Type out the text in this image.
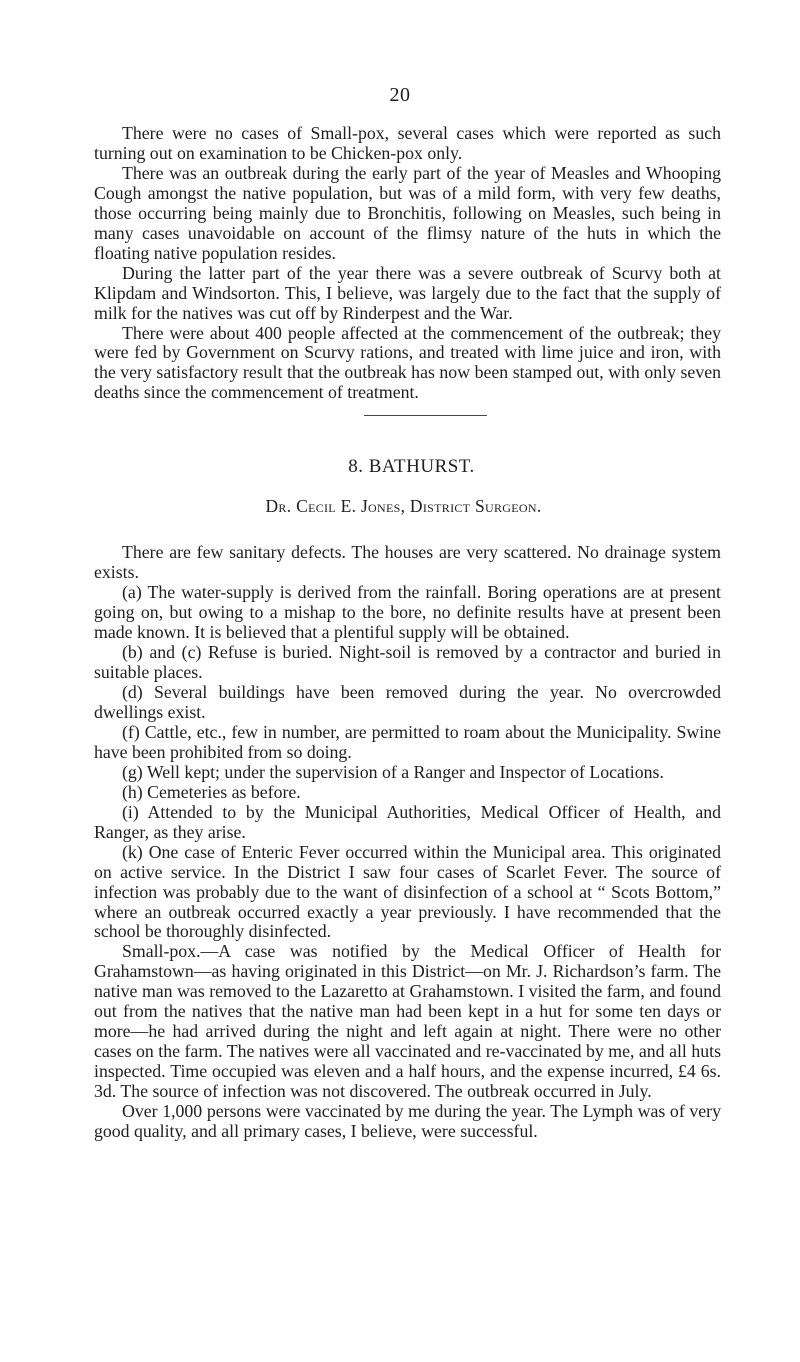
20

There were no cases of Small-pox, several cases which were reported as such turning out on examination to be Chicken-pox only.

There was an outbreak during the early part of the year of Measles and Whooping Cough amongst the native population, but was of a mild form, with very few deaths, those occurring being mainly due to Bronchitis, following on Measles, such being in many cases unavoidable on account of the flimsy nature of the huts in which the floating native population resides.

During the latter part of the year there was a severe outbreak of Scurvy both at Klipdam and Windsorton. This, I believe, was largely due to the fact that the supply of milk for the natives was cut off by Rinderpest and the War.

There were about 400 people affected at the commencement of the outbreak; they were fed by Government on Scurvy rations, and treated with lime juice and iron, with the very satisfactory result that the outbreak has now been stamped out, with only seven deaths since the commencement of treatment.

8. BATHURST.
Dr. Cecil E. Jones, District Surgeon.

There are few sanitary defects. The houses are very scattered. No drainage system exists.

(a) The water-supply is derived from the rainfall. Boring operations are at present going on, but owing to a mishap to the bore, no definite results have at present been made known. It is believed that a plentiful supply will be obtained.

(b) and (c) Refuse is buried. Night-soil is removed by a contractor and buried in suitable places.

(d) Several buildings have been removed during the year. No overcrowded dwellings exist.

(f) Cattle, etc., few in number, are permitted to roam about the Municipality. Swine have been prohibited from so doing.

(g) Well kept; under the supervision of a Ranger and Inspector of Locations.

(h) Cemeteries as before.

(i) Attended to by the Municipal Authorities, Medical Officer of Health, and Ranger, as they arise.

(k) One case of Enteric Fever occurred within the Municipal area. This originated on active service. In the District I saw four cases of Scarlet Fever. The source of infection was probably due to the want of disinfection of a school at “ Scots Bottom,” where an outbreak occurred exactly a year previously. I have recommended that the school be thoroughly disinfected.

Small-pox.—A case was notified by the Medical Officer of Health for Grahamstown—as having originated in this District—on Mr. J. Richardson’s farm. The native man was removed to the Lazaretto at Grahamstown. I visited the farm, and found out from the natives that the native man had been kept in a hut for some ten days or more—he had arrived during the night and left again at night. There were no other cases on the farm. The natives were all vaccinated and re-vaccinated by me, and all huts inspected. Time occupied was eleven and a half hours, and the expense incurred, £4 6s. 3d. The source of infection was not discovered. The outbreak occurred in July.

Over 1,000 persons were vaccinated by me during the year. The Lymph was of very good quality, and all primary cases, I believe, were successful.
